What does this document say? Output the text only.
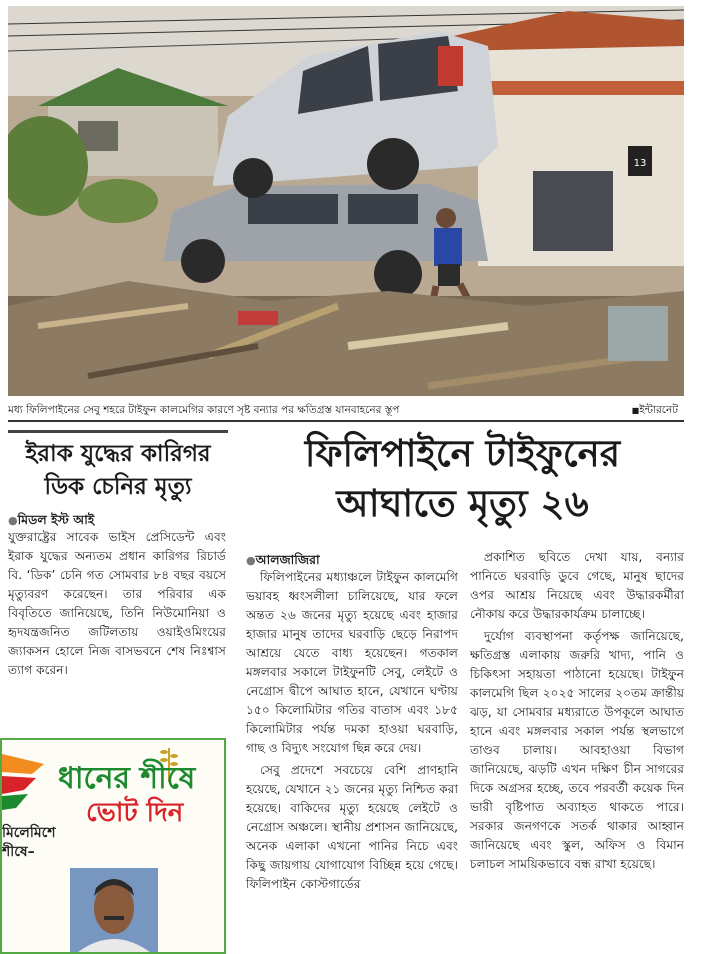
13
মধ্য ফিলিপাইনের সেবু শহরে টাইফুন কালমেগির কারণে সৃষ্ট বন্যার পর ক্ষতিগ্রস্ত যানবাহনের স্তূপ
■	ইন্টারনেট
ইরাক যুদ্ধের কারিগর
ডিক চেনির মৃত্যু
● মিডল ইস্ট আই
যুক্তরাষ্ট্রের সাবেক ভাইস প্রেসিডেন্ট এবং ইরাক যুদ্ধের অন্যতম প্রধান কারিগর রিচার্ড বি. ‘ডিক’ চেনি গত সোমবার ৮৪ বছর বয়সে মৃত্যুবরণ করেছেন। তার পরিবার এক বিবৃতিতে জানিয়েছে, তিনি নিউমোনিয়া ও হৃদযন্ত্রজনিত জটিলতায় ওয়াইওমিংয়ের জ্যাকসন হোলে নিজ বাসভবনে শেষ নিঃশ্বাস ত্যাগ করেন।
ফিলিপাইনে টাইফুনের
আঘাতে মৃত্যু ২৬
● আলজাজিরা

ফিলিপাইনের মধ্যাঞ্চলে টাইফুন কালমেগি ভয়াবহ ধ্বংসলীলা চালিয়েছে, যার ফলে অন্তত ২৬ জনের মৃত্যু হয়েছে এবং হাজার হাজার মানুষ তাদের ঘরবাড়ি ছেড়ে নিরাপদ আশ্রয়ে যেতে বাধ্য হয়েছেন। গতকাল মঙ্গলবার সকালে টাইফুনটি সেবু, লেইটে ও নেগ্রোস দ্বীপে আঘাত হানে, যেখানে ঘণ্টায় ১৫০ কিলোমিটার গতির বাতাস এবং ১৮৫ কিলোমিটার পর্যন্ত দমকা হাওয়া ঘরবাড়ি, গাছ ও বিদ্যুৎ সংযোগ ছিন্ন করে দেয়।

সেবু প্রদেশে সবচেয়ে বেশি প্রাণহানি হয়েছে, যেখানে ২১ জনের মৃত্যু নিশ্চিত করা হয়েছে। বাকিদের মৃত্যু হয়েছে লেইটে ও নেগ্রোস অঞ্চলে। স্থানীয় প্রশাসন জানিয়েছে, অনেক এলাকা এখনো পানির নিচে এবং কিছু জায়গায় যোগাযোগ বিচ্ছিন্ন হয়ে গেছে। ফিলিপাইন কোস্টগার্ডের

প্রকাশিত ছবিতে দেখা যায়, বন্যার পানিতে ঘরবাড়ি ডুবে গেছে, মানুষ ছাদের ওপর আশ্রয় নিয়েছে এবং উদ্ধারকর্মীরা নৌকায় করে উদ্ধারকার্যক্রম চালাচ্ছে।

দুর্যোগ ব্যবস্থাপনা কর্তৃপক্ষ জানিয়েছে, ক্ষতিগ্রস্ত এলাকায় জরুরি খাদ্য, পানি ও চিকিৎসা সহায়তা পাঠানো হয়েছে। টাইফুন কালমেগি ছিল ২০২৫ সালের ২০তম ক্রান্তীয় ঝড়, যা সোমবার মধ্যরাতে উপকূলে আঘাত হানে এবং মঙ্গলবার সকাল পর্যন্ত স্থলভাগে তাণ্ডব চালায়। আবহাওয়া বিভাগ জানিয়েছে, ঝড়টি এখন দক্ষিণ চীন সাগরের দিকে অগ্রসর হচ্ছে, তবে পরবর্তী কয়েক দিন ভারী বৃষ্টিপাত অব্যাহত থাকতে পারে। সরকার জনগণকে সতর্ক থাকার আহ্বান জানিয়েছে এবং স্কুল, অফিস ও বিমান চলাচল সাময়িকভাবে বন্ধ রাখা হয়েছে।

ধানের শীষে
ভোট দিন
মিলেমিশে
শীষে–
